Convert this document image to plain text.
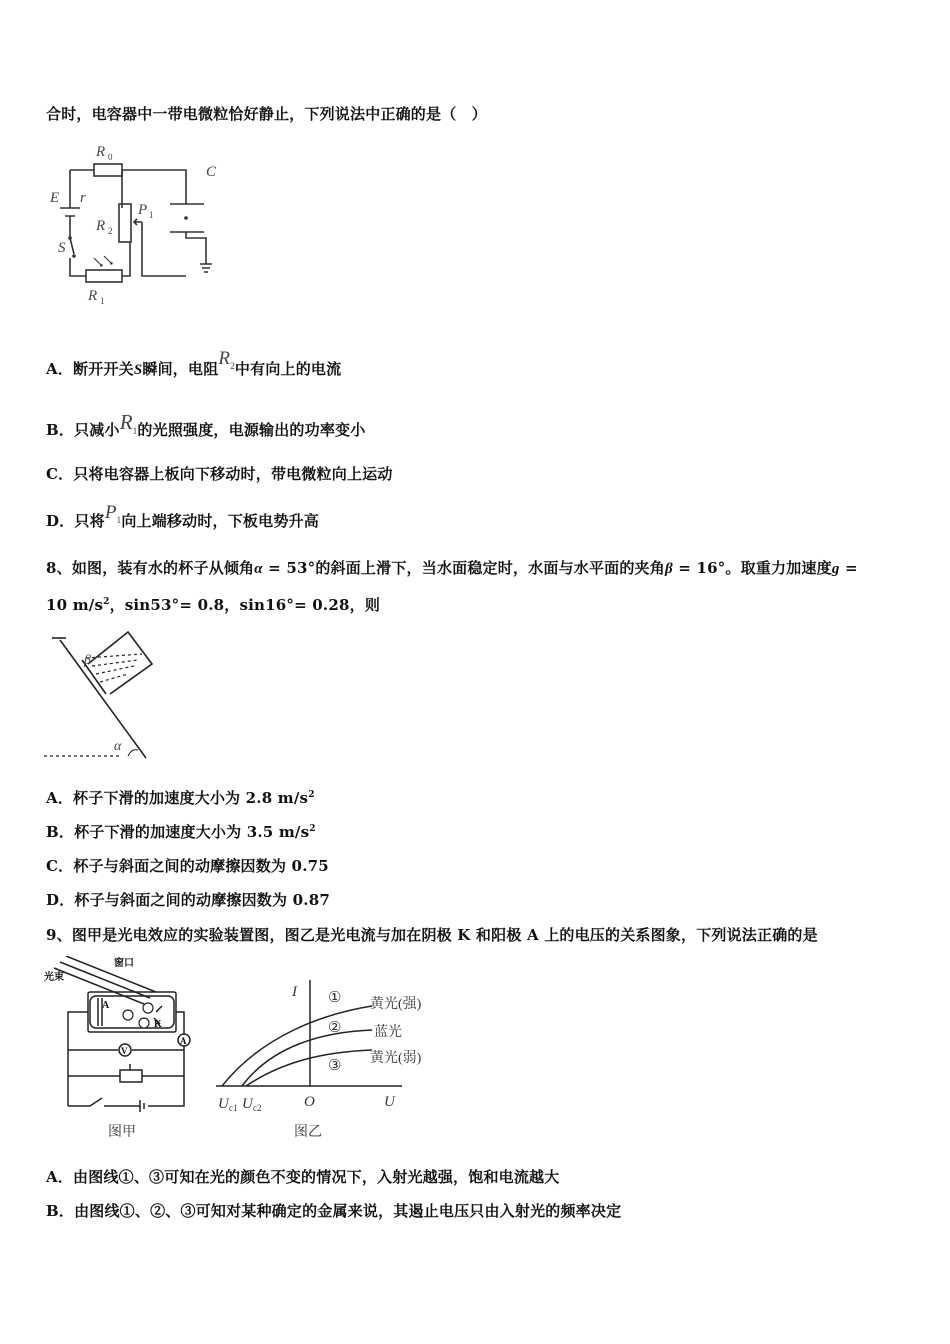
合时，电容器中一带电微粒恰好静止，下列说法中正确的是（　）
R 0
C
E r
R 2
P 1
S
R 1
A．断开开关S瞬间，电阻$R_2$中有向上的电流
B．只减小$R_1$的光照强度，电源输出的功率变小
C．只将电容器上板向下移动时，带电微粒向上运动
D．只将$P_1$向上端移动时，下板电势升高
8、如图，装有水的杯子从倾角α = 53°的斜面上滑下，当水面稳定时，水面与水平面的夹角β = 16°。取重力加速度g =
10 $m/s^2$，sin53°= 0.8，sin16°= 0.28，则
β
α
A．杯子下滑的加速度大小为 2.8 $m/s^2$
B．杯子下滑的加速度大小为 3.5 $m/s^2$
C．杯子与斜面之间的动摩擦因数为 0.75
D．杯子与斜面之间的动摩擦因数为 0.87
9、图甲是光电效应的实验装置图，图乙是光电流与加在阴极 K 和阳极 A 上的电压的关系图象，下列说法正确的是
窗口
光束
A
K
V
A
图甲
I
U
O
U c1 U c2
①
②
③
黄光(强)
蓝光
黄光(弱)
图乙
A．由图线①、③可知在光的颜色不变的情况下，入射光越强，饱和电流越大
B．由图线①、②、③可知对某种确定的金属来说，其遏止电压只由入射光的频率决定
